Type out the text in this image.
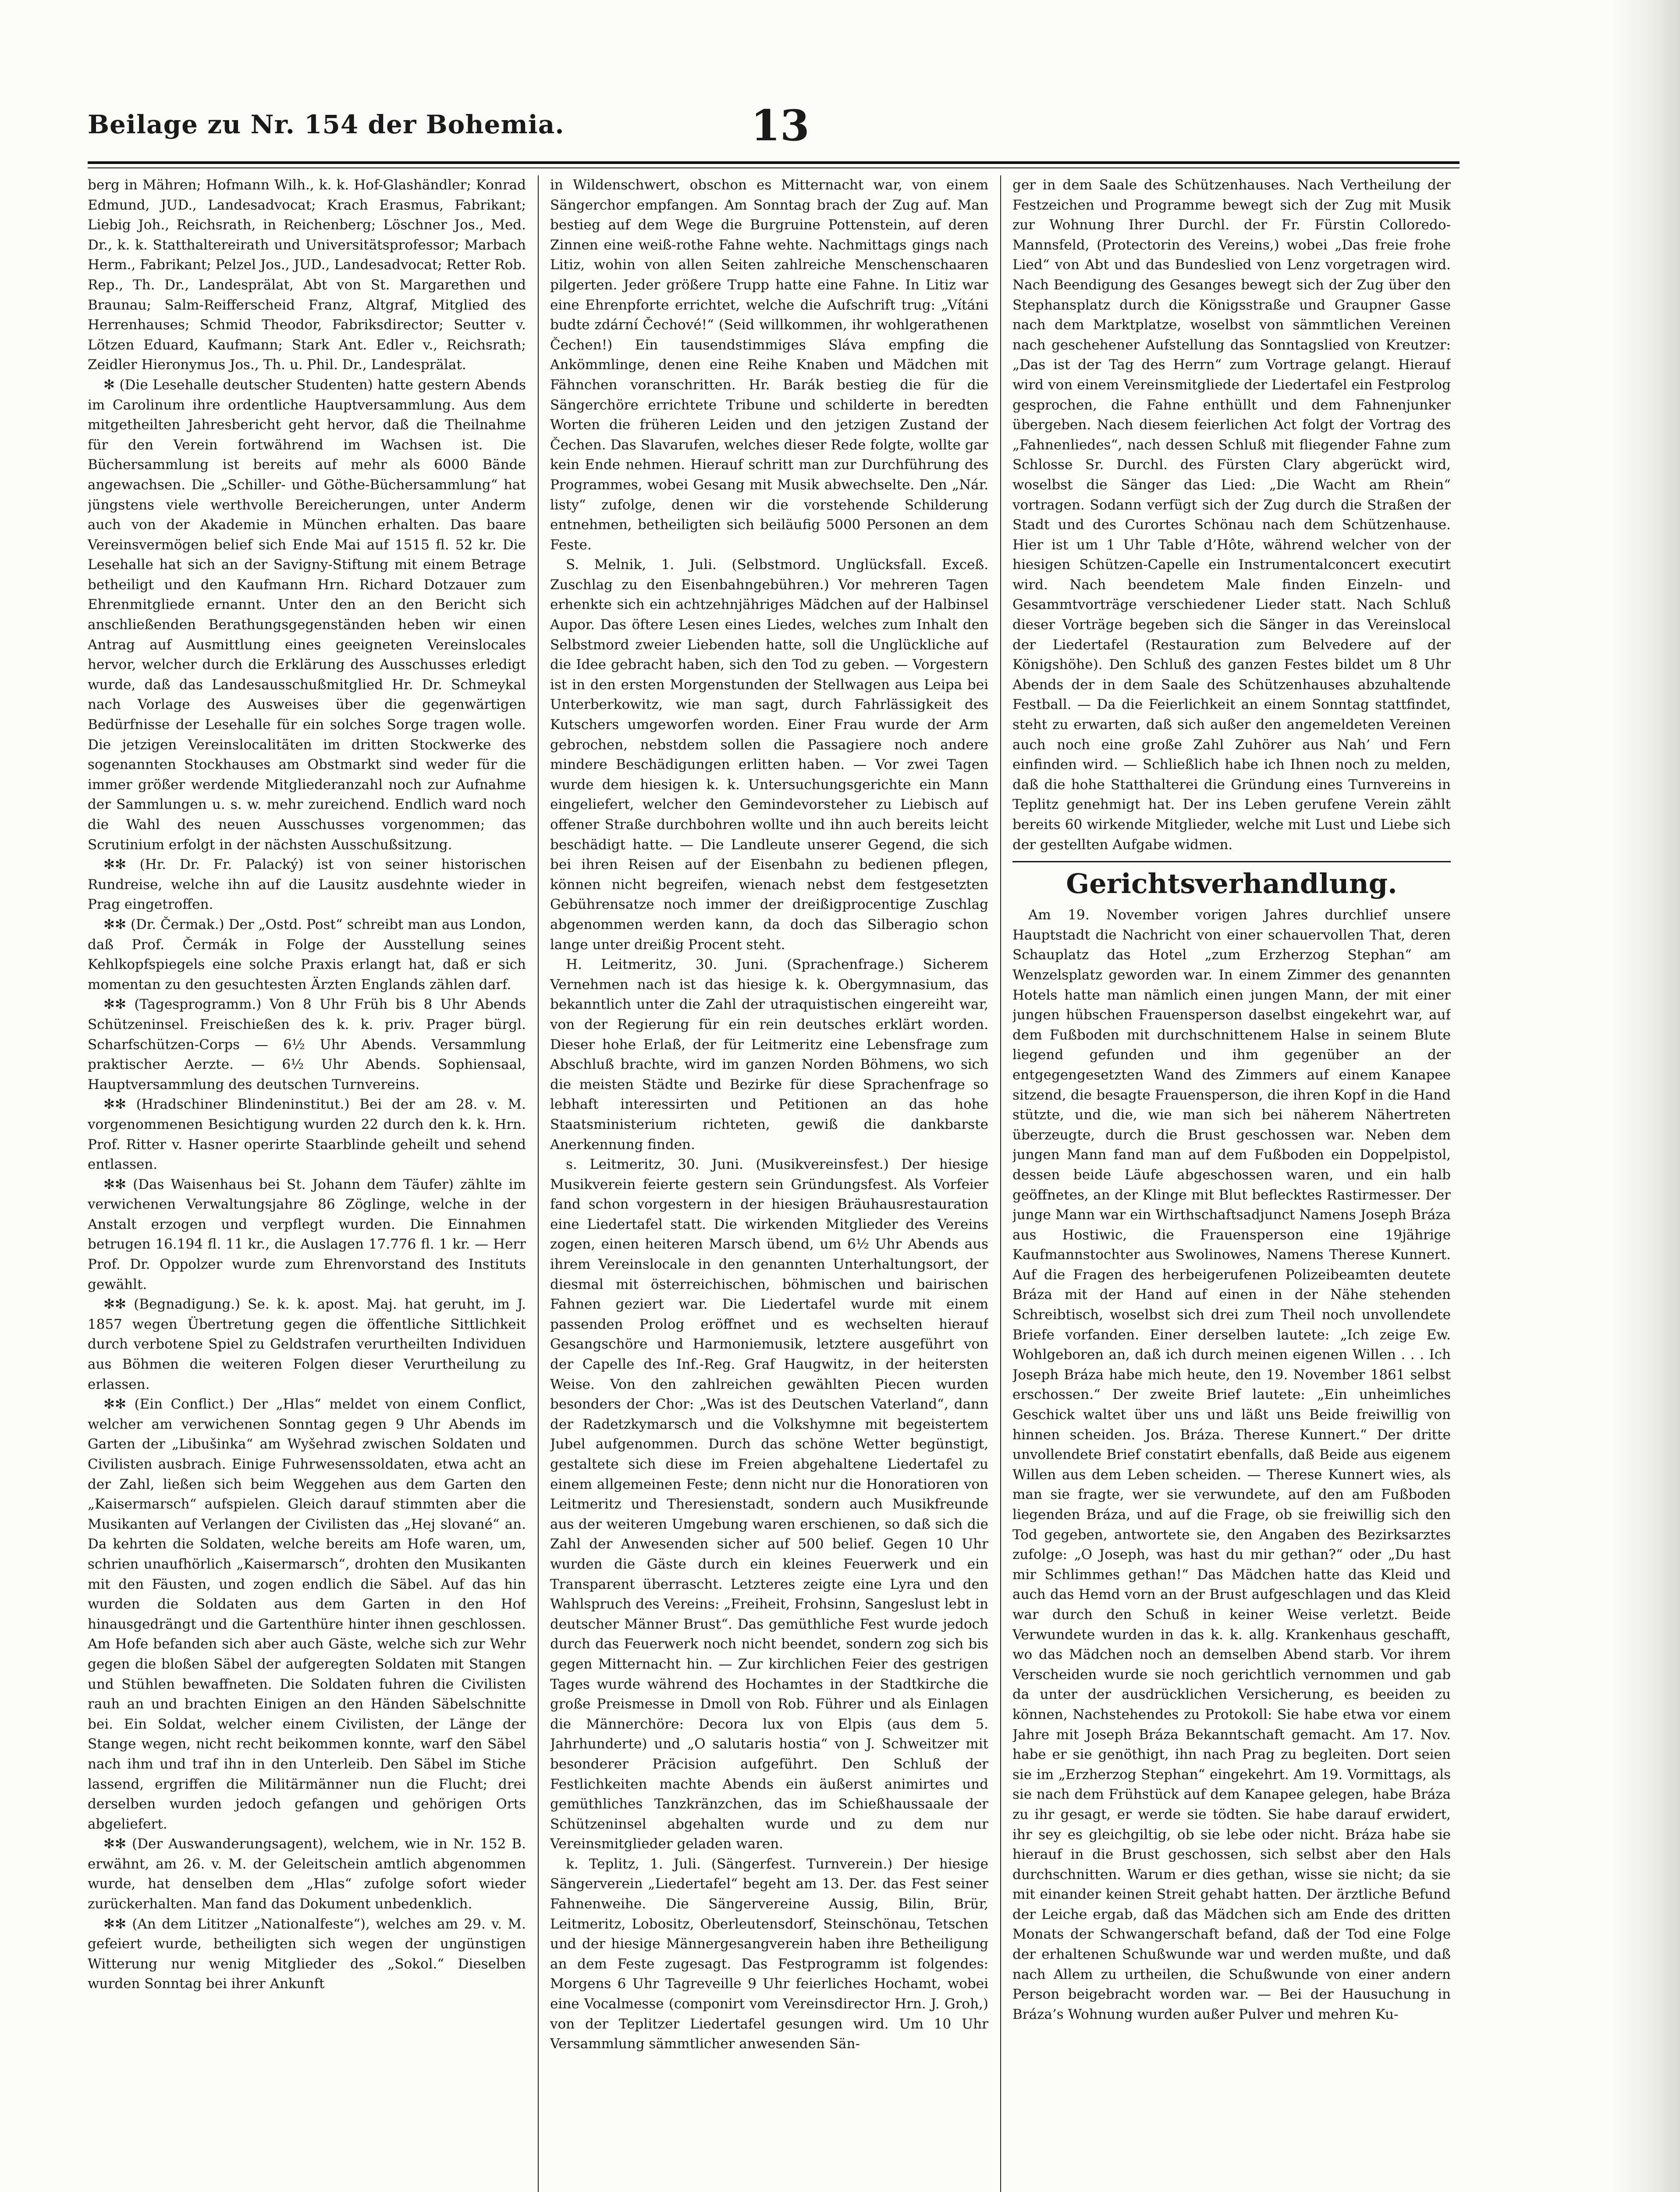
Beilage zu Nr. 154 der Bohemia.	13

berg in Mähren; Hofmann Wilh., k. k. Hof-Glashändler; Konrad Edmund, JUD., Landesadvocat; Krach Erasmus, Fabrikant; Liebig Joh., Reichsrath, in Reichenberg; Löschner Jos., Med. Dr., k. k. Statthaltereirath und Universitätsprofessor; Marbach Herm., Fabrikant; Pelzel Jos., JUD., Landesadvocat; Retter Rob. Rep., Th. Dr., Landesprälat, Abt von St. Margarethen und Braunau; Salm-Reifferscheid Franz, Altgraf, Mitglied des Herrenhauses; Schmid Theodor, Fabriksdirector; Seutter v. Lötzen Eduard, Kaufmann; Stark Ant. Edler v., Reichsrath; Zeidler Hieronymus Jos., Th. u. Phil. Dr., Landesprälat.

✻ (Die Lesehalle deutscher Studenten) hatte gestern Abends im Carolinum ihre ordentliche Hauptversammlung. Aus dem mitgetheilten Jahresbericht geht hervor, daß die Theilnahme für den Verein fortwährend im Wachsen ist. Die Büchersammlung ist bereits auf mehr als 6000 Bände angewachsen. Die „Schiller- und Göthe-Büchersammlung“ hat jüngstens viele werthvolle Bereicherungen, unter Anderm auch von der Akademie in München erhalten. Das baare Vereinsvermögen belief sich Ende Mai auf 1515 fl. 52 kr. Die Lesehalle hat sich an der Savigny-Stiftung mit einem Betrage betheiligt und den Kaufmann Hrn. Richard Dotzauer zum Ehrenmitgliede ernannt. Unter den an den Bericht sich anschließenden Berathungsgegenständen heben wir einen Antrag auf Ausmittlung eines geeigneten Vereinslocales hervor, welcher durch die Erklärung des Ausschusses erledigt wurde, daß das Landesausschußmitglied Hr. Dr. Schmeykal nach Vorlage des Ausweises über die gegenwärtigen Bedürfnisse der Lesehalle für ein solches Sorge tragen wolle. Die jetzigen Vereinslocalitäten im dritten Stockwerke des sogenannten Stockhauses am Obstmarkt sind weder für die immer größer werdende Mitgliederanzahl noch zur Aufnahme der Sammlungen u. s. w. mehr zureichend. Endlich ward noch die Wahl des neuen Ausschusses vorgenommen; das Scrutinium erfolgt in der nächsten Ausschußsitzung.

✻✻ (Hr. Dr. Fr. Palacký) ist von seiner historischen Rundreise, welche ihn auf die Lausitz ausdehnte wieder in Prag eingetroffen.

✻✻ (Dr. Čermak.) Der „Ostd. Post“ schreibt man aus London, daß Prof. Čermák in Folge der Ausstellung seines Kehlkopfspiegels eine solche Praxis erlangt hat, daß er sich momentan zu den gesuchtesten Ärzten Englands zählen darf.

✻✻ (Tagesprogramm.) Von 8 Uhr Früh bis 8 Uhr Abends Schützeninsel. Freischießen des k. k. priv. Prager bürgl. Scharfschützen-Corps — 6½ Uhr Abends. Versammlung praktischer Aerzte. — 6½ Uhr Abends. Sophiensaal, Hauptversammlung des deutschen Turnvereins.

✻✻ (Hradschiner Blindeninstitut.) Bei der am 28. v. M. vorgenommenen Besichtigung wurden 22 durch den k. k. Hrn. Prof. Ritter v. Hasner operirte Staarblinde geheilt und sehend entlassen.

✻✻ (Das Waisenhaus bei St. Johann dem Täufer) zählte im verwichenen Verwaltungsjahre 86 Zöglinge, welche in der Anstalt erzogen und verpflegt wurden. Die Einnahmen betrugen 16.194 fl. 11 kr., die Auslagen 17.776 fl. 1 kr. — Herr Prof. Dr. Oppolzer wurde zum Ehrenvorstand des Instituts gewählt.

✻✻ (Begnadigung.) Se. k. k. apost. Maj. hat geruht, im J. 1857 wegen Übertretung gegen die öffentliche Sittlichkeit durch verbotene Spiel zu Geldstrafen verurtheilten Individuen aus Böhmen die weiteren Folgen dieser Verurtheilung zu erlassen.

✻✻ (Ein Conflict.) Der „Hlas“ meldet von einem Conflict, welcher am verwichenen Sonntag gegen 9 Uhr Abends im Garten der „Libušinka“ am Wyšehrad zwischen Soldaten und Civilisten ausbrach. Einige Fuhrwesenssoldaten, etwa acht an der Zahl, ließen sich beim Weggehen aus dem Garten den „Kaisermarsch“ aufspielen. Gleich darauf stimmten aber die Musikanten auf Verlangen der Civilisten das „Hej slované“ an. Da kehrten die Soldaten, welche bereits am Hofe waren, um, schrien unaufhörlich „Kaisermarsch“, drohten den Musikanten mit den Fäusten, und zogen endlich die Säbel. Auf das hin wurden die Soldaten aus dem Garten in den Hof hinausgedrängt und die Gartenthüre hinter ihnen geschlossen. Am Hofe befanden sich aber auch Gäste, welche sich zur Wehr gegen die bloßen Säbel der aufgeregten Soldaten mit Stangen und Stühlen bewaffneten. Die Soldaten fuhren die Civilisten rauh an und brachten Einigen an den Händen Säbelschnitte bei. Ein Soldat, welcher einem Civilisten, der Länge der Stange wegen, nicht recht beikommen konnte, warf den Säbel nach ihm und traf ihn in den Unterleib. Den Säbel im Stiche lassend, ergriffen die Militärmänner nun die Flucht; drei derselben wurden jedoch gefangen und gehörigen Orts abgeliefert.

✻✻ (Der Auswanderungsagent), welchem, wie in Nr. 152 B. erwähnt, am 26. v. M. der Geleitschein amtlich abgenommen wurde, hat denselben dem „Hlas“ zufolge sofort wieder zurückerhalten. Man fand das Dokument unbedenklich.

✻✻ (An dem Lititzer „Nationalfeste“), welches am 29. v. M. gefeiert wurde, betheiligten sich wegen der ungünstigen Witterung nur wenig Mitglieder des „Sokol.“ Dieselben wurden Sonntag bei ihrer Ankunft

in Wildenschwert, obschon es Mitternacht war, von einem Sängerchor empfangen. Am Sonntag brach der Zug auf. Man bestieg auf dem Wege die Burgruine Pottenstein, auf deren Zinnen eine weiß-rothe Fahne wehte. Nachmittags gings nach Litiz, wohin von allen Seiten zahlreiche Menschenschaaren pilgerten. Jeder größere Trupp hatte eine Fahne. In Litiz war eine Ehrenpforte errichtet, welche die Aufschrift trug: „Vítáni budte zdární Čechové!“ (Seid willkommen, ihr wohlgerathenen Čechen!) Ein tausendstimmiges Sláva empfing die Ankömmlinge, denen eine Reihe Knaben und Mädchen mit Fähnchen voranschritten. Hr. Barák bestieg die für die Sängerchöre errichtete Tribune und schilderte in beredten Worten die früheren Leiden und den jetzigen Zustand der Čechen. Das Slavarufen, welches dieser Rede folgte, wollte gar kein Ende nehmen. Hierauf schritt man zur Durchführung des Programmes, wobei Gesang mit Musik abwechselte. Den „Nár. listy“ zufolge, denen wir die vorstehende Schilderung entnehmen, betheiligten sich beiläufig 5000 Personen an dem Feste.

S. Melnik, 1. Juli. (Selbstmord. Unglücksfall. Exceß. Zuschlag zu den Eisenbahngebühren.) Vor mehreren Tagen erhenkte sich ein achtzehnjähriges Mädchen auf der Halbinsel Aupor. Das öftere Lesen eines Liedes, welches zum Inhalt den Selbstmord zweier Liebenden hatte, soll die Unglückliche auf die Idee gebracht haben, sich den Tod zu geben. — Vorgestern ist in den ersten Morgenstunden der Stellwagen aus Leipa bei Unterberkowitz, wie man sagt, durch Fahrlässigkeit des Kutschers umgeworfen worden. Einer Frau wurde der Arm gebrochen, nebstdem sollen die Passagiere noch andere mindere Beschädigungen erlitten haben. — Vor zwei Tagen wurde dem hiesigen k. k. Untersuchungsgerichte ein Mann eingeliefert, welcher den Gemindevorsteher zu Liebisch auf offener Straße durchbohren wollte und ihn auch bereits leicht beschädigt hatte. — Die Landleute unserer Gegend, die sich bei ihren Reisen auf der Eisenbahn zu bedienen pflegen, können nicht begreifen, wienach nebst dem festgesetzten Gebührensatze noch immer der dreißigprocentige Zuschlag abgenommen werden kann, da doch das Silberagio schon lange unter dreißig Procent steht.

H. Leitmeritz, 30. Juni. (Sprachenfrage.) Sicherem Vernehmen nach ist das hiesige k. k. Obergymnasium, das bekanntlich unter die Zahl der utraquistischen eingereiht war, von der Regierung für ein rein deutsches erklärt worden. Dieser hohe Erlaß, der für Leitmeritz eine Lebensfrage zum Abschluß brachte, wird im ganzen Norden Böhmens, wo sich die meisten Städte und Bezirke für diese Sprachenfrage so lebhaft interessirten und Petitionen an das hohe Staatsministerium richteten, gewiß die dankbarste Anerkennung finden.

s. Leitmeritz, 30. Juni. (Musikvereinsfest.) Der hiesige Musikverein feierte gestern sein Gründungsfest. Als Vorfeier fand schon vorgestern in der hiesigen Bräuhausrestauration eine Liedertafel statt. Die wirkenden Mitglieder des Vereins zogen, einen heiteren Marsch übend, um 6½ Uhr Abends aus ihrem Vereinslocale in den genannten Unterhaltungsort, der diesmal mit österreichischen, böhmischen und bairischen Fahnen geziert war. Die Liedertafel wurde mit einem passenden Prolog eröffnet und es wechselten hierauf Gesangschöre und Harmoniemusik, letztere ausgeführt von der Capelle des Inf.-Reg. Graf Haugwitz, in der heitersten Weise. Von den zahlreichen gewählten Piecen wurden besonders der Chor: „Was ist des Deutschen Vaterland“, dann der Radetzkymarsch und die Volkshymne mit begeistertem Jubel aufgenommen. Durch das schöne Wetter begünstigt, gestaltete sich diese im Freien abgehaltene Liedertafel zu einem allgemeinen Feste; denn nicht nur die Honoratioren von Leitmeritz und Theresienstadt, sondern auch Musikfreunde aus der weiteren Umgebung waren erschienen, so daß sich die Zahl der Anwesenden sicher auf 500 belief. Gegen 10 Uhr wurden die Gäste durch ein kleines Feuerwerk und ein Transparent überrascht. Letzteres zeigte eine Lyra und den Wahlspruch des Vereins: „Freiheit, Frohsinn, Sangeslust lebt in deutscher Männer Brust“. Das gemüthliche Fest wurde jedoch durch das Feuerwerk noch nicht beendet, sondern zog sich bis gegen Mitternacht hin. — Zur kirchlichen Feier des gestrigen Tages wurde während des Hochamtes in der Stadtkirche die große Preismesse in Dmoll von Rob. Führer und als Einlagen die Männerchöre: Decora lux von Elpis (aus dem 5. Jahrhunderte) und „O salutaris hostia“ von J. Schweitzer mit besonderer Präcision aufgeführt. Den Schluß der Festlichkeiten machte Abends ein äußerst animirtes und gemüthliches Tanzkränzchen, das im Schießhaussaale der Schützeninsel abgehalten wurde und zu dem nur Vereinsmitglieder geladen waren.

k. Teplitz, 1. Juli. (Sängerfest. Turnverein.) Der hiesige Sängerverein „Liedertafel“ begeht am 13. Der. das Fest seiner Fahnenweihe. Die Sängervereine Aussig, Bilin, Brür, Leitmeritz, Lobositz, Oberleutensdorf, Steinschönau, Tetschen und der hiesige Männergesangverein haben ihre Betheiligung an dem Feste zugesagt. Das Festprogramm ist folgendes: Morgens 6 Uhr Tagreveille 9 Uhr feierliches Hochamt, wobei eine Vocalmesse (componirt vom Vereinsdirector Hrn. J. Groh,) von der Teplitzer Liedertafel gesungen wird. Um 10 Uhr Versammlung sämmtlicher anwesenden Sän-

ger in dem Saale des Schützenhauses. Nach Vertheilung der Festzeichen und Programme bewegt sich der Zug mit Musik zur Wohnung Ihrer Durchl. der Fr. Fürstin Colloredo-Mannsfeld, (Protectorin des Vereins,) wobei „Das freie frohe Lied“ von Abt und das Bundeslied von Lenz vorgetragen wird. Nach Beendigung des Gesanges bewegt sich der Zug über den Stephansplatz durch die Königsstraße und Graupner Gasse nach dem Marktplatze, woselbst von sämmtlichen Vereinen nach geschehener Aufstellung das Sonntagslied von Kreutzer: „Das ist der Tag des Herrn“ zum Vortrage gelangt. Hierauf wird von einem Vereinsmitgliede der Liedertafel ein Festprolog gesprochen, die Fahne enthüllt und dem Fahnenjunker übergeben. Nach diesem feierlichen Act folgt der Vortrag des „Fahnenliedes“, nach dessen Schluß mit fliegender Fahne zum Schlosse Sr. Durchl. des Fürsten Clary abgerückt wird, woselbst die Sänger das Lied: „Die Wacht am Rhein“ vortragen. Sodann verfügt sich der Zug durch die Straßen der Stadt und des Curortes Schönau nach dem Schützenhause. Hier ist um 1 Uhr Table d’Hôte, während welcher von der hiesigen Schützen-Capelle ein Instrumentalconcert executirt wird. Nach beendetem Male finden Einzeln- und Gesammtvorträge verschiedener Lieder statt. Nach Schluß dieser Vorträge begeben sich die Sänger in das Vereinslocal der Liedertafel (Restauration zum Belvedere auf der Königshöhe). Den Schluß des ganzen Festes bildet um 8 Uhr Abends der in dem Saale des Schützenhauses abzuhaltende Festball. — Da die Feierlichkeit an einem Sonntag stattfindet, steht zu erwarten, daß sich außer den angemeldeten Vereinen auch noch eine große Zahl Zuhörer aus Nah’ und Fern einfinden wird. — Schließlich habe ich Ihnen noch zu melden, daß die hohe Statthalterei die Gründung eines Turnvereins in Teplitz genehmigt hat. Der ins Leben gerufene Verein zählt bereits 60 wirkende Mitglieder, welche mit Lust und Liebe sich der gestellten Aufgabe widmen.

Gerichtsverhandlung.

Am 19. November vorigen Jahres durchlief unsere Hauptstadt die Nachricht von einer schauervollen That, deren Schauplatz das Hotel „zum Erzherzog Stephan“ am Wenzelsplatz geworden war. In einem Zimmer des genannten Hotels hatte man nämlich einen jungen Mann, der mit einer jungen hübschen Frauensperson daselbst eingekehrt war, auf dem Fußboden mit durchschnittenem Halse in seinem Blute liegend gefunden und ihm gegenüber an der entgegengesetzten Wand des Zimmers auf einem Kanapee sitzend, die besagte Frauensperson, die ihren Kopf in die Hand stützte, und die, wie man sich bei näherem Nähertreten überzeugte, durch die Brust geschossen war. Neben dem jungen Mann fand man auf dem Fußboden ein Doppelpistol, dessen beide Läufe abgeschossen waren, und ein halb geöffnetes, an der Klinge mit Blut beflecktes Rastirmesser. Der junge Mann war ein Wirthschaftsadjunct Namens Joseph Bráza aus Hostiwic, die Frauensperson eine 19jährige Kaufmannstochter aus Swolinowes, Namens Therese Kunnert. Auf die Fragen des herbeigerufenen Polizeibeamten deutete Bráza mit der Hand auf einen in der Nähe stehenden Schreibtisch, woselbst sich drei zum Theil noch unvollendete Briefe vorfanden. Einer derselben lautete: „Ich zeige Ew. Wohlgeboren an, daß ich durch meinen eigenen Willen . . . Ich Joseph Bráza habe mich heute, den 19. November 1861 selbst erschossen.“ Der zweite Brief lautete: „Ein unheimliches Geschick waltet über uns und läßt uns Beide freiwillig von hinnen scheiden. Jos. Bráza. Therese Kunnert.“ Der dritte unvollendete Brief constatirt ebenfalls, daß Beide aus eigenem Willen aus dem Leben scheiden. — Therese Kunnert wies, als man sie fragte, wer sie verwundete, auf den am Fußboden liegenden Bráza, und auf die Frage, ob sie freiwillig sich den Tod gegeben, antwortete sie, den Angaben des Bezirksarztes zufolge: „O Joseph, was hast du mir gethan?“ oder „Du hast mir Schlimmes gethan!“ Das Mädchen hatte das Kleid und auch das Hemd vorn an der Brust aufgeschlagen und das Kleid war durch den Schuß in keiner Weise verletzt. Beide Verwundete wurden in das k. k. allg. Krankenhaus geschafft, wo das Mädchen noch an demselben Abend starb. Vor ihrem Verscheiden wurde sie noch gerichtlich vernommen und gab da unter der ausdrücklichen Versicherung, es beeiden zu können, Nachstehendes zu Protokoll: Sie habe etwa vor einem Jahre mit Joseph Bráza Bekanntschaft gemacht. Am 17. Nov. habe er sie genöthigt, ihn nach Prag zu begleiten. Dort seien sie im „Erzherzog Stephan“ eingekehrt. Am 19. Vormittags, als sie nach dem Frühstück auf dem Kanapee gelegen, habe Bráza zu ihr gesagt, er werde sie tödten. Sie habe darauf erwidert, ihr sey es gleichgiltig, ob sie lebe oder nicht. Bráza habe sie hierauf in die Brust geschossen, sich selbst aber den Hals durchschnitten. Warum er dies gethan, wisse sie nicht; da sie mit einander keinen Streit gehabt hatten. Der ärztliche Befund der Leiche ergab, daß das Mädchen sich am Ende des dritten Monats der Schwangerschaft befand, daß der Tod eine Folge der erhaltenen Schußwunde war und werden mußte, und daß nach Allem zu urtheilen, die Schußwunde von einer andern Person beigebracht worden war. — Bei der Hausuchung in Bráza’s Wohnung wurden außer Pulver und mehren Ku-
